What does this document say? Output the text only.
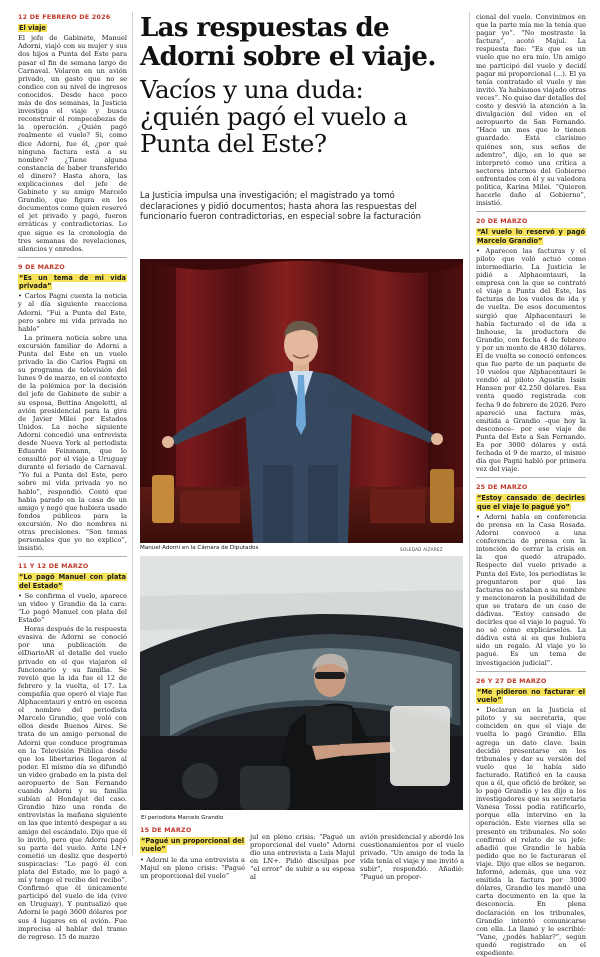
12 DE FEBRERO DE 2026
El viaje

El jefe de Gabinete, Manuel Adorni, viajó con su mujer y sus dos hijos a Punta del Este para pasar el fin de semana largo de Carnaval. Volaron en un avión privado, un gasto que no se condice con su nivel de ingresos conocidos. Desde hace poco más de dos semanas, la Justicia investiga el viaje y busca reconstruir el rompecabezas de la operación. ¿Quién pagó realmente el vuelo? Si, como dice Adorni, fue él, ¿por qué ninguna factura está a su nombre? ¿Tiene alguna constancia de haber transferido el dinero? Hasta ahora, las explicaciones del jefe de Gabinete y su amigo Marcelo Grandio, que figura en los documentos como quien reservó el jet privado y pagó, fueron erráticas y contradictorias. Lo que sigue es la cronología de tres semanas de revelaciones, silencios y enredos.

9 DE MARZO
“Es un tema de mi vida privada”

• Carlos Pagni cuenta la noticia y al día siguiente reacciona Adorni. “Fui a Punta del Este, pero sobre mi vida privada no hablo”

La primera noticia sobre una excursión familiar de Adorni a Punta del Este en un vuelo privado la dio Carlos Pagni en su programa de televisión del lunes 9 de marzo, en el contexto de la polémica por la decisión del jefe de Gabinete de subir a su esposa, Bettina Angeletti, al avión presidencial para la gira de Javier Milei por Estados Unidos. La noche siguiente Adorni concedió una entrevista desde Nueva York al periodista Eduardo Feinmann, que lo consultó por el viaje a Uruguay durante el feriado de Carnaval. “Yo fui a Punta del Este, pero sobre mi vida privada yo no hablo”, respondió. Contó que había parado en la casa de un amigo y negó que hubiera usado fondos públicos para la excursión. No dio nombres ni otras precisiones. “Son temas personales que yo no explico”, insistió.

11 Y 12 DE MARZO
“Lo pagó Manuel con plata del Estado”

• Se confirma el vuelo, aparece un video y Grandio da la cara: “Lo pagó Manuel con plata del Estado”

Horas después de la respuesta evasiva de Adorni se conoció por una publicación de elDiarioAR el detalle del vuelo privado en el que viajaron el funcionario y su familia. Se reveló que la ida fue el 12 de febrero y la vuelta, el 17. La compañía que operó el viaje fue Alphacentauri y entró en escena el nombre del periodista Marcelo Grandio, que voló con ellos desde Buenos Aires. Se trata de un amigo personal de Adorni que conduce programas en la Televisión Pública desde que los libertarios llegaron al poder. El mismo día se difundió un video grabado en la pista del aeropuerto de San Fernando cuando Adorni y su familia subían al Hondajet del caso. Grandio hizo una ronda de entrevistas la mañana siguiente en las que intentó despegar a su amigo del escándalo. Dijo que él lo invitó, pero que Adorni pagó su parte del vuelo. Ante LN+ cometió un desliz que despertó suspicacias: “Lo pagó él con plata del Estado, me lo pagó a mí y tengo el recibo del recibo”. Confirmó que él únicamente participó del vuelo de ida (vive en Uruguay). Y puntualizó que Adorni le pagó 3600 dólares por sus 4 lugares en el avión. Fue imprecisa al hablar del tramo de regreso. 15 de marzo

Las respuestas de Adorni sobre el viaje.
Vacíos y una duda: ¿quién pagó el vuelo a Punta del Este?
La Justicia impulsa una investigación; el magistrado ya tomó declaraciones y pidió documentos; hasta ahora las respuestas del funcionario fueron contradictorias, en especial sobre la facturación
Manuel Adorni en la Cámara de Diputados	SOLEDAD AIZAREZ
El periodista Marcelo Grandio
15 DE MARZO
“Pagué un proporcional del vuelo”

• Adorni le da una entrevista a Majul en pleno crisis: “Pagué un proporcional del vuelo”

jul en pleno crisis: “Pagué un proporcional del vuelo” Adorni dio una entrevista a Luis Majul en LN+. Pidió disculpas por “el error” de subir a su esposa al

avión presidencial y abordó los cuestionamientos por el vuelo privado. “Un amigo de toda la vida tenía el viaje y me invitó a subir”, respondió. Añadió: “Pagué un propor-

cional del vuelo. Convinimos en que la parte mía me la tenía que pagar yo”. “No mostraste la factura”, acotó Majul. La respuesta fue: “Es que es un vuelo que no era mío. Un amigo me participó del vuelo y decidí pagar mi proporcional (...). El ya tenía contratado el vuelo y me invitó. Ya habíamos viajado otras veces”. No quiso dar detalles del costo y desvió la atención a la divulgación del video en el aeropuerto de San Fernando. “Hace un mes que lo tienen guardado. Está clarísimo quiénes son, sus señas de adentro”, dijo, en lo que se interpretó como una crítica a sectores internos del Gobierno enfrentados con él y su valedora política, Karina Milei. “Quieren hacerle daño al Gobierno”, insistió.

20 DE MARZO
“Al vuelo lo reservó y pagó Marcelo Grandio”

• Aparecen las facturas y el piloto que voló actuó como intermediario. La Justicia le pidió a Alphacentauri, la empresa con la que se contrató el viaje a Punta del Este, las facturas de los vuelos de ida y de vuelta. De esos documentos surgió que Alphacentauri le había facturado el de ida a Imhouse, la productora de Grandio, con fecha 4 de febrero y por un monto de 4830 dólares. El de vuelta se conoció entonces que fue parte de un paquete de 10 vuelos que Alphacentauri le vendió al piloto Agustín Issin Hansen por 42.250 dólares. Esa venta quedó registrada con fecha 9 de febrero de 2026. Pero apareció una factura más, emitida a Grandio –que hoy la desconoce– por ese viaje de Punta del Este a San Fernando. Es por 3000 dólares y está fechada el 9 de marzo, el mismo día que Pagni habló por primera vez del viaje.

25 DE MARZO
“Estoy cansado de decirles que el viaje lo pagué yo”

• Adorni habla en conferencia de prensa en la Casa Rosada. Adorni convocó a una conferencia de prensa con la intención de cerrar la crisis en la que quedó atrapado. Respecto del vuelo privado a Punta del Este, los periodistas le preguntaron por qué las facturas no estaban a su nombre y mencionaron la posibilidad de que se tratara de un caso de dádivas. “Estoy cansado de decirles que el viaje lo pagué. Yo no sé cómo explicárselos. La dádiva está si es que hubiera sido un regalo. Al viaje yo lo pagué. Es un tema de investigación judicial”.

26 Y 27 DE MARZO
“Me pidieron no facturar el vuelo”

• Declaran en la Justicia el piloto y su secretaria, que coinciden en que el viaje de vuelta lo pagó Grandio. Ella agrega un dato clave. Issin decidió presentarse en los tribunales y dar su versión del vuelo que le había sido facturado. Ratificó en la causa que a él, que ofició de bróker, se lo pagó Grandio y les dijo a los investigadores que su secretaria Vanesa Tossi podía ratificarlo, porque ella intervino en la operación. Este viernes ella se presentó en tribunales. No solo confirmó el relato de su jefe: añadió que Grandio le había pedido que no le facturaran el viaje. Dijo que ellos se negaron. Informó, además, que una vez emitida la factura por 3000 dólares, Grandio les mandó una carta documento en la que la desconocía. En plena declaración en los tribunales, Grandio intentó comunicarse con ella. La llamó y le escribió: “Vane, ¿podés hablar?”, según quedó registrado en el expediente.
